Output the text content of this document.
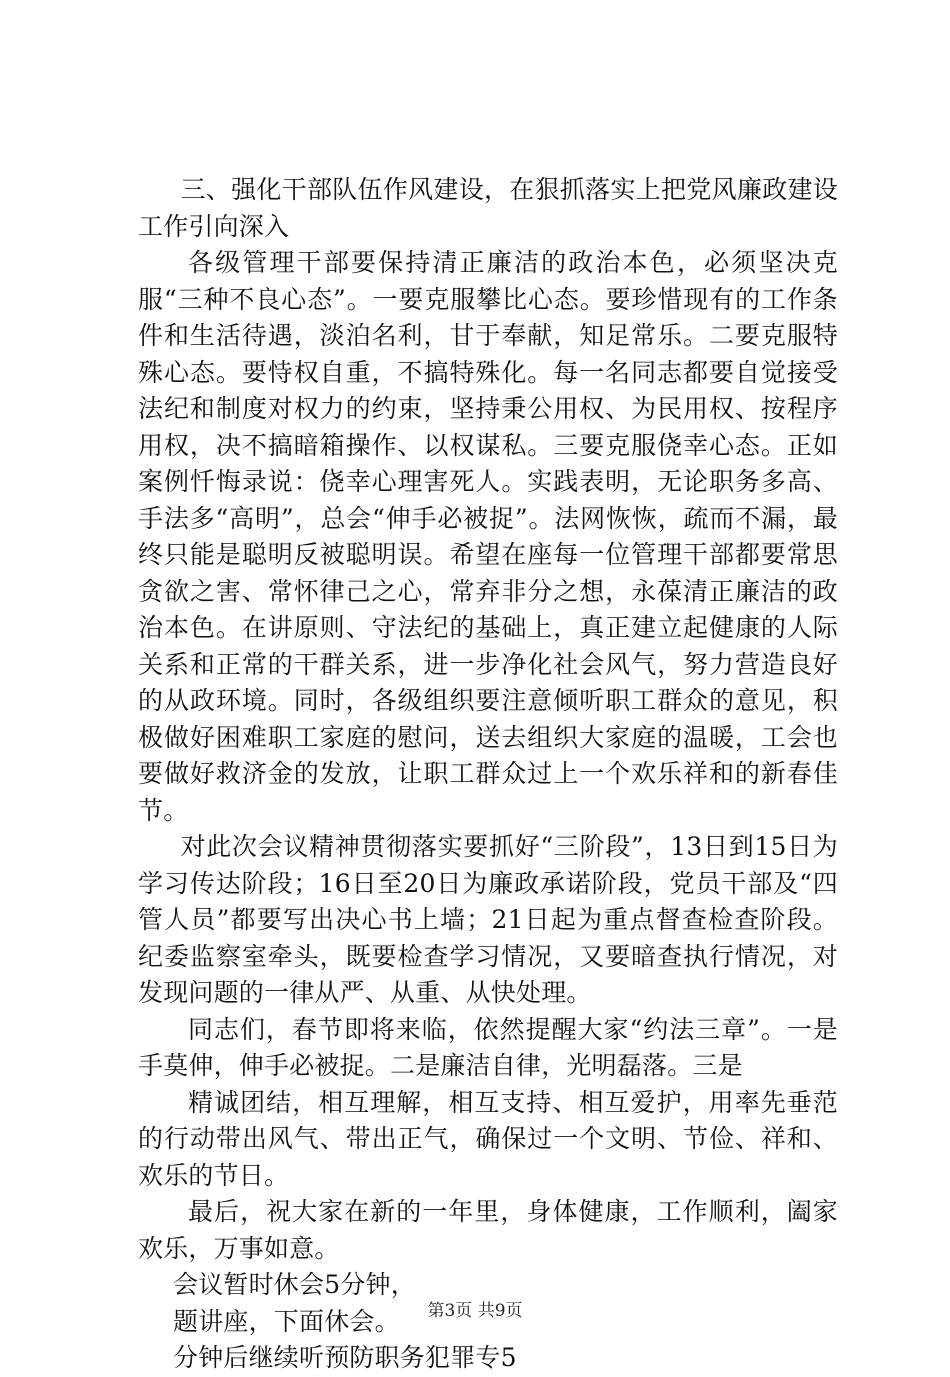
三、强化干部队伍作风建设，在狠抓落实上把党风廉政建设工作引向深入

各级管理干部要保持清正廉洁的政治本色，必须坚决克服“三种不良心态”。一要克服攀比心态。要珍惜现有的工作条件和生活待遇，淡泊名利，甘于奉献，知足常乐。二要克服特殊心态。要恃权自重，不搞特殊化。每一名同志都要自觉接受法纪和制度对权力的约束，坚持秉公用权、为民用权、按程序用权，决不搞暗箱操作、以权谋私。三要克服侥幸心态。正如案例忏悔录说：侥幸心理害死人。实践表明，无论职务多高、手法多“高明”，总会“伸手必被捉”。法网恢恢，疏而不漏，最终只能是聪明反被聪明误。希望在座每一位管理干部都要常思贪欲之害、常怀律己之心，常弃非分之想，永葆清正廉洁的政治本色。在讲原则、守法纪的基础上，真正建立起健康的人际关系和正常的干群关系，进一步净化社会风气，努力营造良好的从政环境。同时，各级组织要注意倾听职工群众的意见，积极做好困难职工家庭的慰问，送去组织大家庭的温暖，工会也要做好救济金的发放，让职工群众过上一个欢乐祥和的新春佳节。

对此次会议精神贯彻落实要抓好“三阶段”，13日到15日为学习传达阶段；16日至20日为廉政承诺阶段，党员干部及“四管人员”都要写出决心书上墙；21日起为重点督查检查阶段。纪委监察室牵头，既要检查学习情况，又要暗查执行情况，对发现问题的一律从严、从重、从快处理。

同志们，春节即将来临，依然提醒大家“约法三章”。一是手莫伸，伸手必被捉。二是廉洁自律，光明磊落。三是

精诚团结，相互理解，相互支持、相互爱护，用率先垂范的行动带出风气、带出正气，确保过一个文明、节俭、祥和、欢乐的节日。

最后，祝大家在新的一年里，身体健康，工作顺利，阖家欢乐，万事如意。

会议暂时休会5分钟，

题讲座，下面休会。

分钟后继续听预防职务犯罪专5

第3页 共9页
